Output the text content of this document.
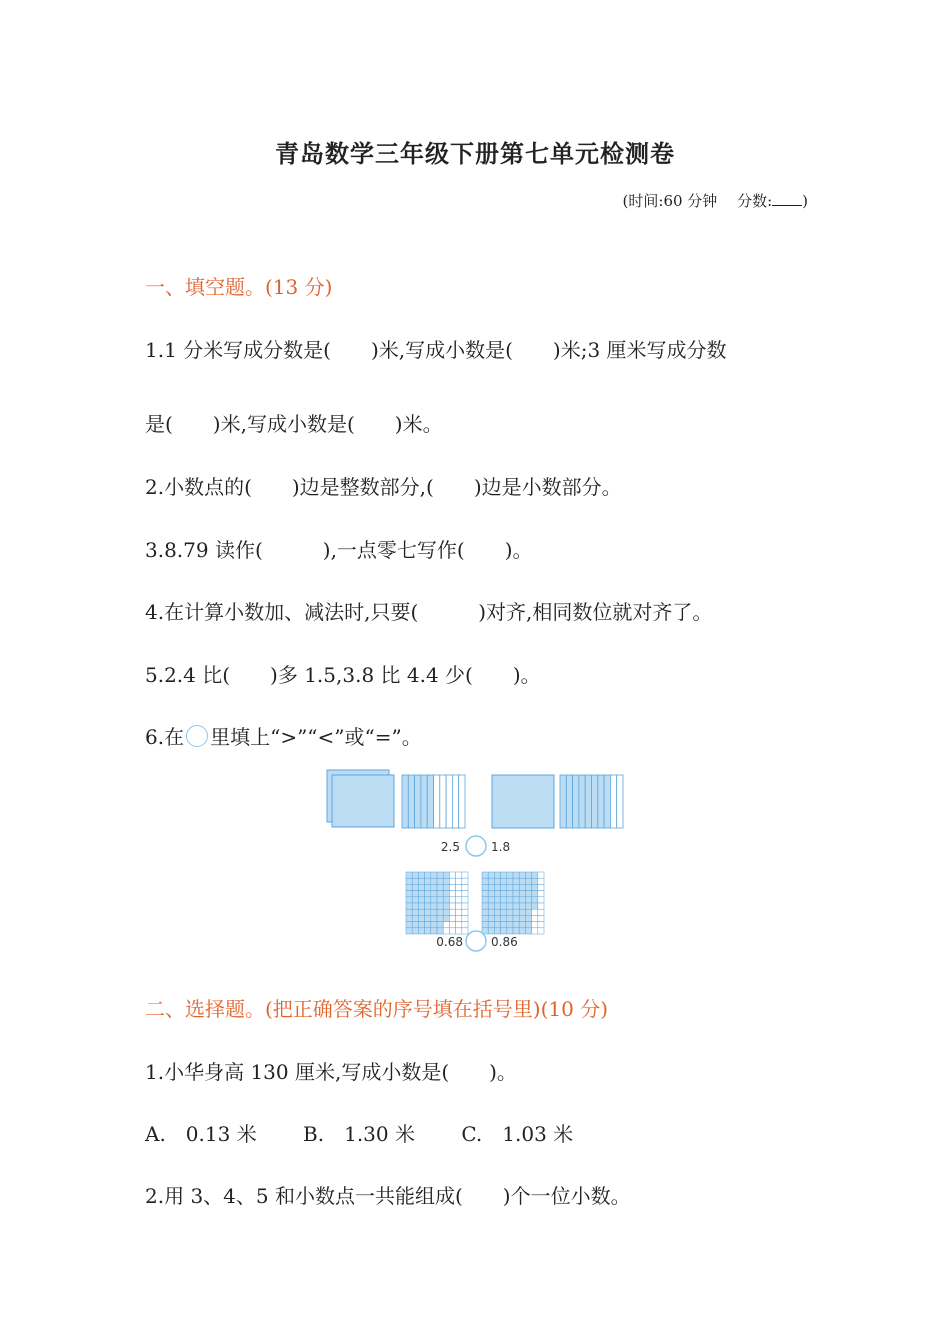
青岛数学三年级下册第七单元检测卷
(时间:60 分钟　 分数: )
一、填空题。(13 分)
1.1 分米写成分数是(　　)米,写成小数是(　　)米;3 厘米写成分数
是(　　)米,写成小数是(　　)米。
2.小数点的(　　)边是整数部分,(　　)边是小数部分。
3.8.79 读作(　　　),一点零七写作(　　)。
4.在计算小数加、减法时,只要(　　　)对齐,相同数位就对齐了。
5.2.4 比(　　)多 1.5,3.8 比 4.4 少(　　)。
6.在 里填上“>”“<”或“=”。
2.5	1.8
0.68 0.86
二、选择题。(把正确答案的序号填在括号里)(10 分)
1.小华身高 130 厘米,写成小数是(　　)。
A.　0.13 米　　 B.　1.30 米　　 C.　1.03 米
2.用 3、4、5 和小数点一共能组成(　　)个一位小数。
